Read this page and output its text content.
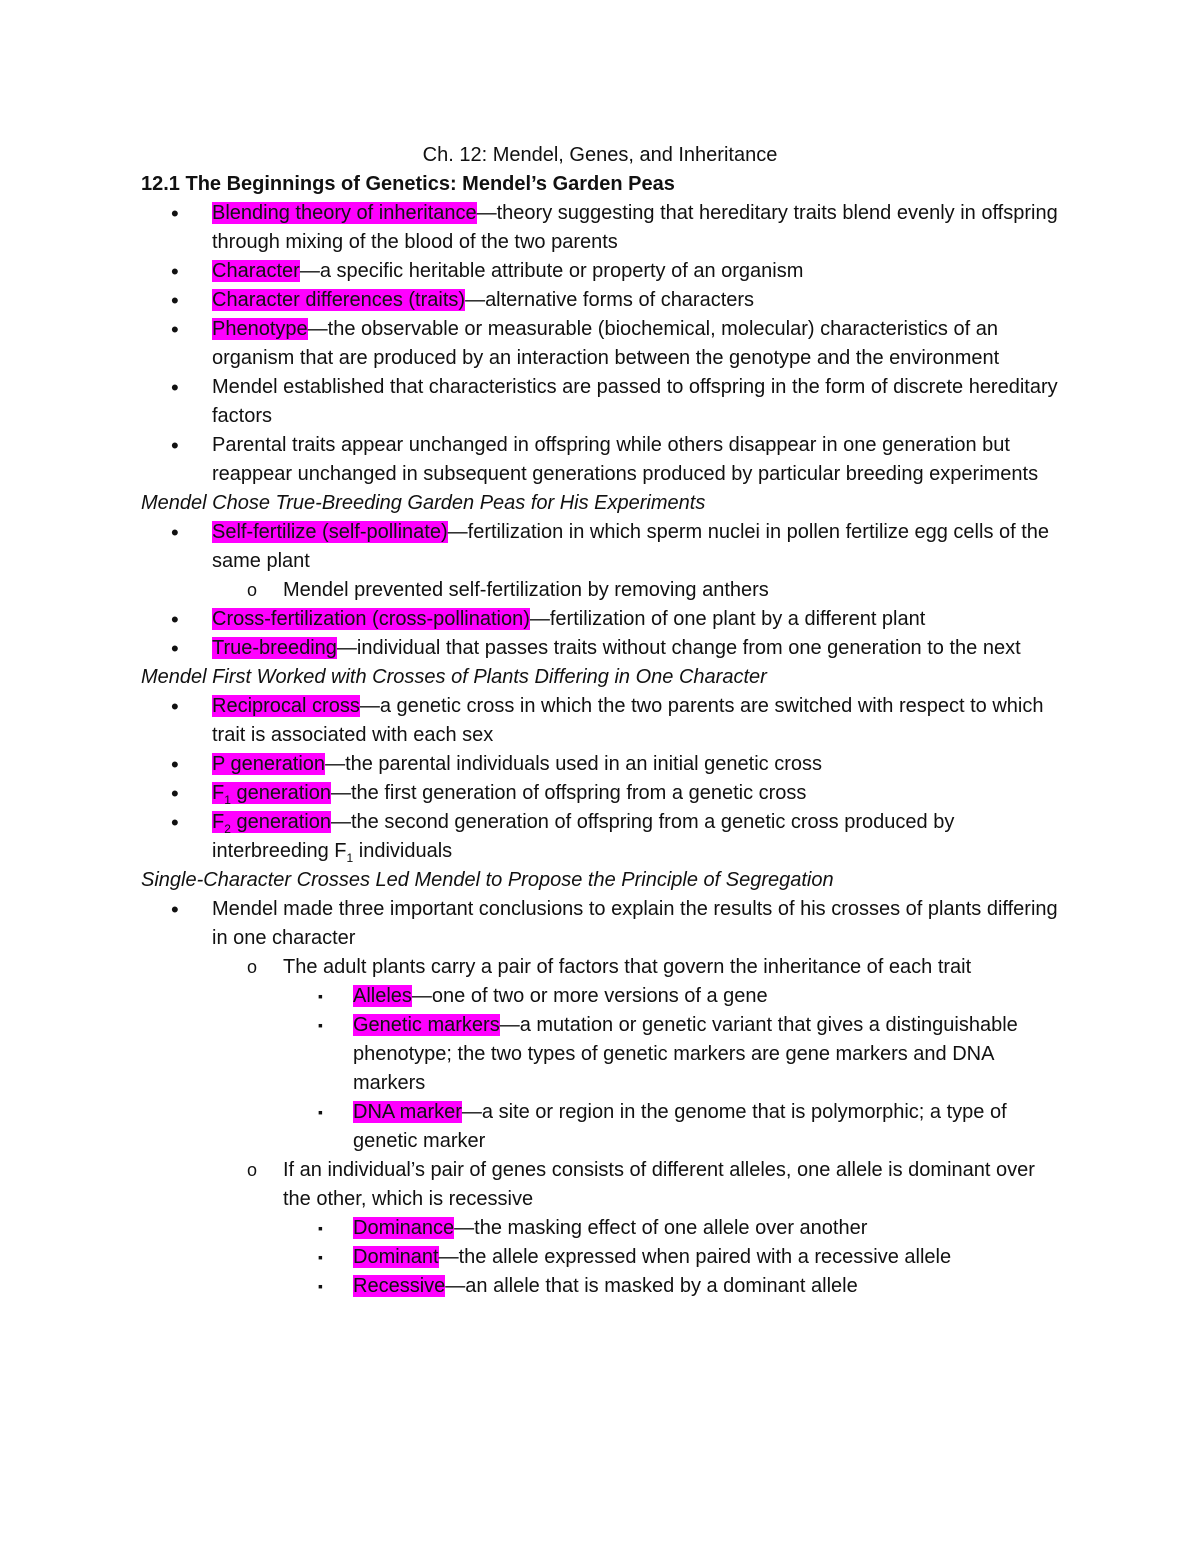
Ch. 12: Mendel, Genes, and Inheritance
12.1 The Beginnings of Genetics: Mendel’s Garden Peas
• Blending theory of inheritance—theory suggesting that hereditary traits blend evenly in offspring through mixing of the blood of the two parents
• Character—a specific heritable attribute or property of an organism
• Character differences (traits)—alternative forms of characters
• Phenotype—the observable or measurable (biochemical, molecular) characteristics of an organism that are produced by an interaction between the genotype and the environment
• Mendel established that characteristics are passed to offspring in the form of discrete hereditary factors
• Parental traits appear unchanged in offspring while others disappear in one generation but reappear unchanged in subsequent generations produced by particular breeding experiments
Mendel Chose True-Breeding Garden Peas for His Experiments
• Self-fertilize (self-pollinate)—fertilization in which sperm nuclei in pollen fertilize egg cells of the same plant
o Mendel prevented self-fertilization by removing anthers
• Cross-fertilization (cross-pollination)—fertilization of one plant by a different plant
• True-breeding—individual that passes traits without change from one generation to the next
Mendel First Worked with Crosses of Plants Differing in One Character
• Reciprocal cross—a genetic cross in which the two parents are switched with respect to which trait is associated with each sex
• P generation—the parental individuals used in an initial genetic cross
• $F_1$ generation—the first generation of offspring from a genetic cross
• $F_2$ generation—the second generation of offspring from a genetic cross produced by interbreeding $F_1$ individuals
Single-Character Crosses Led Mendel to Propose the Principle of Segregation
• Mendel made three important conclusions to explain the results of his crosses of plants differing in one character
o The adult plants carry a pair of factors that govern the inheritance of each trait
▪ Alleles—one of two or more versions of a gene
▪ Genetic markers—a mutation or genetic variant that gives a distinguishable phenotype; the two types of genetic markers are gene markers and DNA markers
▪ DNA marker—a site or region in the genome that is polymorphic; a type of genetic marker
o If an individual’s pair of genes consists of different alleles, one allele is dominant over the other, which is recessive
▪ Dominance—the masking effect of one allele over another
▪ Dominant—the allele expressed when paired with a recessive allele
▪ Recessive—an allele that is masked by a dominant allele
